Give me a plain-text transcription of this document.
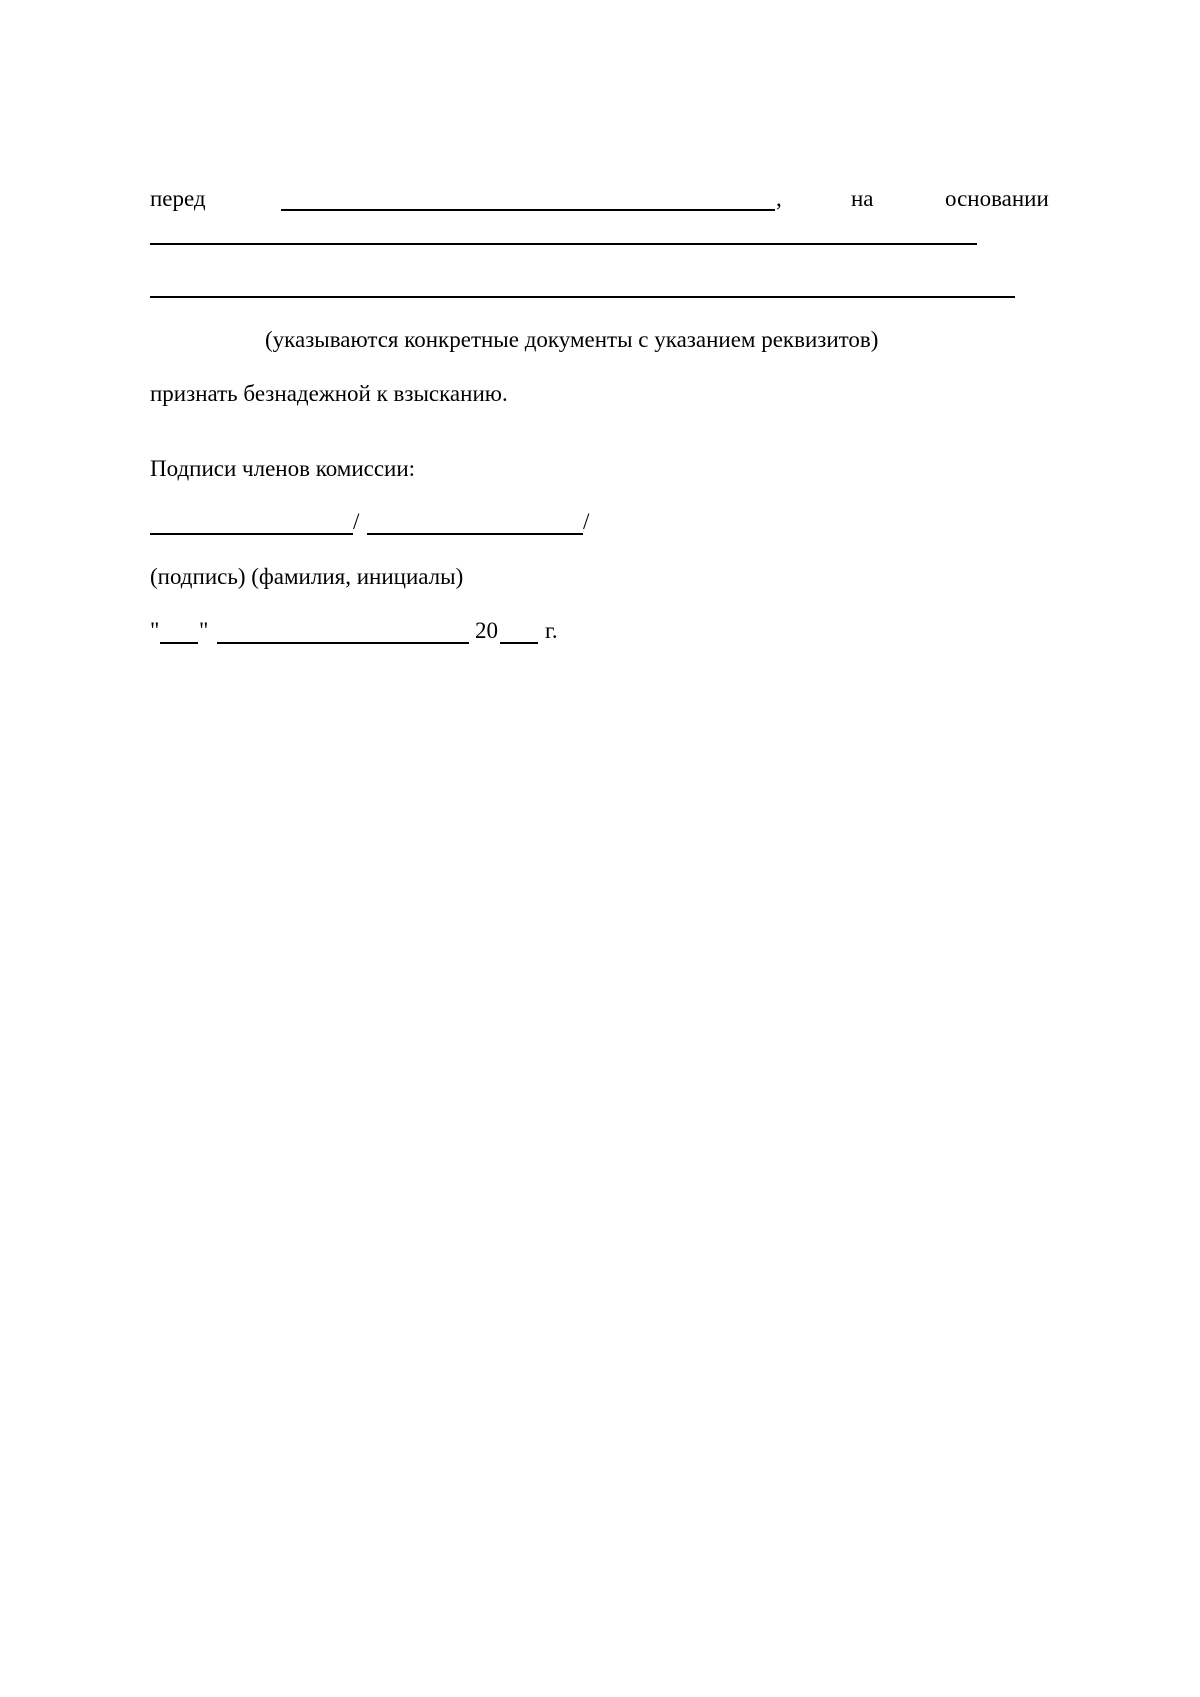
перед	,	на	основании
(указываются конкретные документы с указанием реквизитов)
признать безнадежной к взысканию.
Подписи членов комиссии:
/	/
(подпись) (фамилия, инициалы)
" "	20 г.
